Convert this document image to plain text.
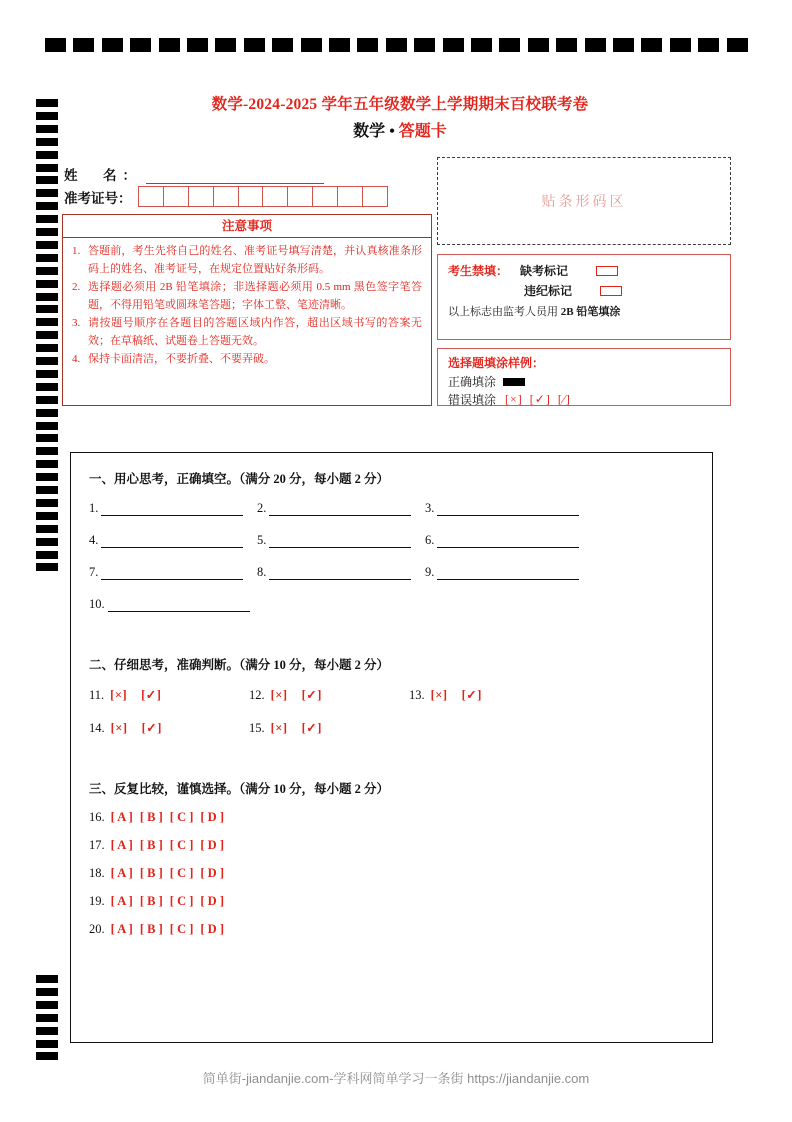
数学-2024-2025 学年五年级数学上学期期末百校联考卷
数学 • 答题卡
姓　名：
准考证号：	贴条形码区
注意事项
1. 答题前，考生先将自己的姓名、准考证号填写清楚，并认真核准条形码上的姓名、准考证号，在规定位置贴好条形码。
2. 选择题必须用 2B 铅笔填涂；非选择题必须用 0.5 mm 黑色签字笔答题，不得用铅笔或圆珠笔答题；字体工整、笔迹清晰。
3. 请按题号顺序在各题目的答题区域内作答，超出区域书写的答案无效；在草稿纸、试题卷上答题无效。
4. 保持卡面清洁，不要折叠、不要弄破。
考生禁填： 缺考标记
违纪标记
以上标志由监考人员用 2B 铅笔填涂
选择题填涂样例：
正确填涂
错误填涂 [×] [✓] [∕]
一、用心思考，正确填空。（满分 20 分，每小题 2 分）
1.	2.	3.
4.	5.	6.
7.	8.	9.
10.
二、仔细思考，准确判断。（满分 10 分，每小题 2 分）
11. [×] [✓]	12. [×] [✓]	13. [×] [✓]
14. [×] [✓]	15. [×] [✓]
三、反复比较，谨慎选择。（满分 10 分，每小题 2 分）
16. [ A ] [ B ] [ C ] [ D ]
17. [ A ] [ B ] [ C ] [ D ]
18. [ A ] [ B ] [ C ] [ D ]
19. [ A ] [ B ] [ C ] [ D ]
20. [ A ] [ B ] [ C ] [ D ]
简单街-jiandanjie.com-学科网简单学习一条街 https://jiandanjie.com
